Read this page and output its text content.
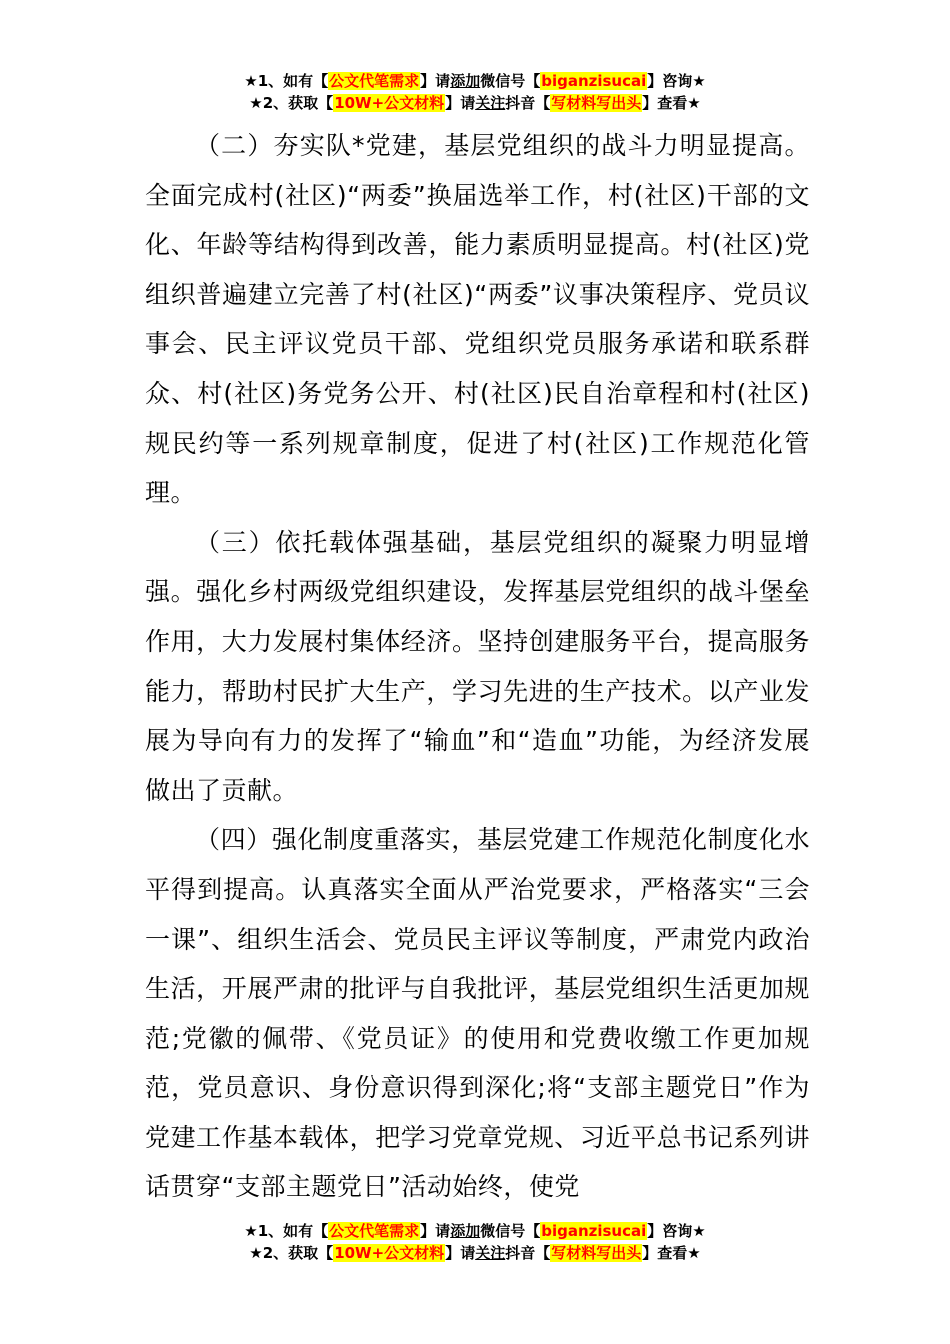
★1、如有【公文代笔需求】请添加微信号【biganzisucai】咨询★
★2、获取【10W+公文材料】请关注抖音【写材料写出头】查看★

（二）夯实队*党建，基层党组织的战斗力明显提高。全面完成村(社区)“两委”换届选举工作，村(社区)干部的文化、年龄等结构得到改善，能力素质明显提高。村(社区)党组织普遍建立完善了村(社区)“两委”议事决策程序、党员议事会、民主评议党员干部、党组织党员服务承诺和联系群众、村(社区)务党务公开、村(社区)民自治章程和村(社区)规民约等一系列规章制度，促进了村(社区)工作规范化管理。

（三）依托载体强基础，基层党组织的凝聚力明显增强。强化乡村两级党组织建设，发挥基层党组织的战斗堡垒作用，大力发展村集体经济。坚持创建服务平台，提高服务能力，帮助村民扩大生产，学习先进的生产技术。以产业发展为导向有力的发挥了“输血”和“造血”功能，为经济发展做出了贡献。

（四）强化制度重落实，基层党建工作规范化制度化水平得到提高。认真落实全面从严治党要求，严格落实“三会一课”、组织生活会、党员民主评议等制度，严肃党内政治生活，开展严肃的批评与自我批评，基层党组织生活更加规范;党徽的佩带、《党员证》的使用和党费收缴工作更加规范，党员意识、身份意识得到深化;将“支部主题党日”作为党建工作基本载体，把学习党章党规、习近平总书记系列讲话贯穿“支部主题党日”活动始终，使党

★1、如有【公文代笔需求】请添加微信号【biganzisucai】咨询★
★2、获取【10W+公文材料】请关注抖音【写材料写出头】查看★
